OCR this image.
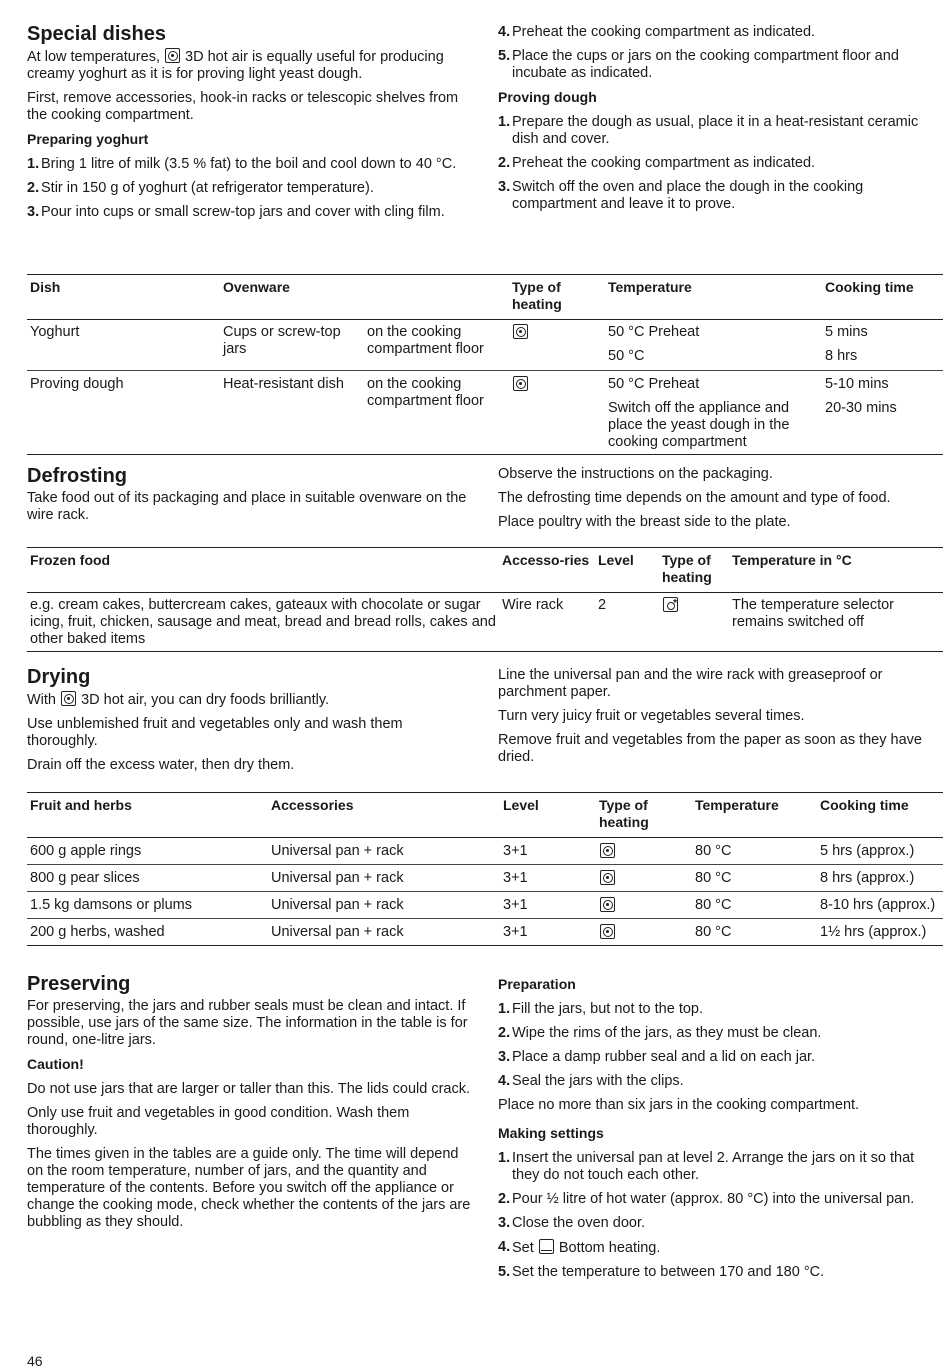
Special dishes

At low temperatures, 3D hot air is equally useful for producing creamy yoghurt as it is for proving light yeast dough.

First, remove accessories, hook-in racks or telescopic shelves from the cooking compartment.

Preparing yoghurt
1. Bring 1 litre of milk (3.5 % fat) to the boil and cool down to 40 °C.
2. Stir in 150 g of yoghurt (at refrigerator temperature).
3. Pour into cups or small screw-top jars and cover with cling film.
4. Preheat the cooking compartment as indicated.
5. Place the cups or jars on the cooking compartment floor and incubate as indicated.
Proving dough
1. Prepare the dough as usual, place it in a heat-resistant ceramic dish and cover.
2. Preheat the cooking compartment as indicated.
3. Switch off the oven and place the dough in the cooking compartment and leave it to prove.
Dish	Ovenware		Type of heating	Temperature	Cooking time
Yoghurt	Cups or screw-top jars	on the cooking compartment floor		50 °C Preheat	5 mins
				50 °C	8 hrs
Proving dough	Heat-resistant dish	on the cooking compartment floor		50 °C Preheat	5-10 mins
				Switch off the appliance and place the yeast dough in the cooking compartment	20-30 mins
Defrosting

Take food out of its packaging and place in suitable ovenware on the wire rack.

Observe the instructions on the packaging.

The defrosting time depends on the amount and type of food.

Place poultry with the breast side to the plate.

Frozen food	Accesso-ries	Level	Type of heating	Temperature in °C
e.g. cream cakes, buttercream cakes, gateaux with chocolate or sugar icing, fruit, chicken, sausage and meat, bread and bread rolls, cakes and other baked items	Wire rack	2	*	The temperature selector remains switched off
Drying

With 3D hot air, you can dry foods brilliantly.

Use unblemished fruit and vegetables only and wash them thoroughly.

Drain off the excess water, then dry them.

Line the universal pan and the wire rack with greaseproof or parchment paper.

Turn very juicy fruit or vegetables several times.

Remove fruit and vegetables from the paper as soon as they have dried.

Fruit and herbs	Accessories	Level	Type of heating	Temperature	Cooking time
600 g apple rings	Universal pan + rack	3+1		80 °C	5 hrs (approx.)
800 g pear slices	Universal pan + rack	3+1		80 °C	8 hrs (approx.)
1.5 kg damsons or plums	Universal pan + rack	3+1		80 °C	8-10 hrs (approx.)
200 g herbs, washed	Universal pan + rack	3+1		80 °C	1½ hrs (approx.)
Preserving

For preserving, the jars and rubber seals must be clean and intact. If possible, use jars of the same size. The information in the table is for round, one-litre jars.

Caution!

Do not use jars that are larger or taller than this. The lids could crack.

Only use fruit and vegetables in good condition. Wash them thoroughly.

The times given in the tables are a guide only. The time will depend on the room temperature, number of jars, and the quantity and temperature of the contents. Before you switch off the appliance or change the cooking mode, check whether the contents of the jars are bubbling as they should.

Preparation
1. Fill the jars, but not to the top.
2. Wipe the rims of the jars, as they must be clean.
3. Place a damp rubber seal and a lid on each jar.
4. Seal the jars with the clips.

Place no more than six jars in the cooking compartment.

Making settings
1. Insert the universal pan at level 2. Arrange the jars on it so that they do not touch each other.
2. Pour ½ litre of hot water (approx. 80 °C) into the universal pan.
3. Close the oven door.
4. Set Bottom heating.
5. Set the temperature to between 170 and 180 °C.
46
